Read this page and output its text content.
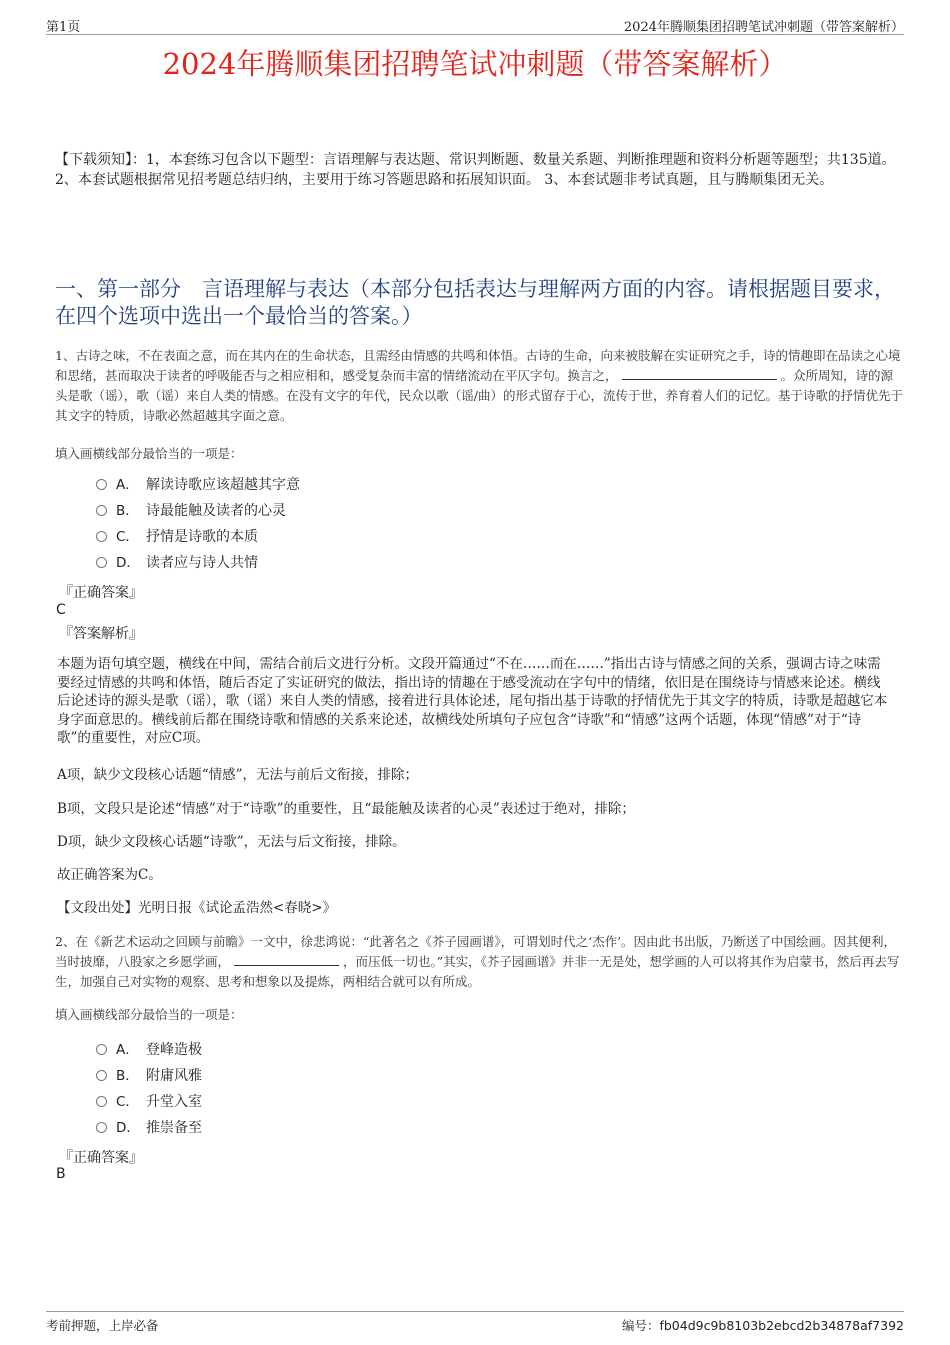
第1页	2024年腾顺集团招聘笔试冲刺题（带答案解析）
2024年腾顺集团招聘笔试冲刺题（带答案解析）
【下载须知】：1，本套练习包含以下题型：言语理解与表达题、常识判断题、数量关系题、判断推理题和资料分析题等题型；共135道。 2、本套试题根据常见招考题总结归纳，主要用于练习答题思路和拓展知识面。 3、本套试题非考试真题，且与腾顺集团无关。
一、第一部分　言语理解与表达（本部分包括表达与理解两方面的内容。请根据题目要求，在四个选项中选出一个最恰当的答案。）
1、古诗之味，不在表面之意，而在其内在的生命状态，且需经由情感的共鸣和体悟。古诗的生命，向来被肢解在实证研究之手，诗的情趣即在品读之心境和思绪，甚而取决于读者的呼吸能否与之相应相和，感受复杂而丰富的情绪流动在平仄字句。换言之，	。众所周知，诗的源头是歌（谣），歌（谣）来自人类的情感。在没有文字的年代，民众以歌（谣/曲）的形式留存于心，流传于世，养育着人们的记忆。基于诗歌的抒情优先于其文字的特质，诗歌必然超越其字面之意。
填入画横线部分最恰当的一项是：
A． 解读诗歌应该超越其字意
B． 诗最能触及读者的心灵
C． 抒情是诗歌的本质
D． 读者应与诗人共情
『正确答案』
C
『答案解析』
本题为语句填空题，横线在中间，需结合前后文进行分析。文段开篇通过“不在……而在……”指出古诗与情感之间的关系，强调古诗之味需要经过情感的共鸣和体悟，随后否定了实证研究的做法，指出诗的情趣在于感受流动在字句中的情绪，依旧是在围绕诗与情感来论述。横线后论述诗的源头是歌（谣），歌（谣）来自人类的情感，接着进行具体论述，尾句指出基于诗歌的抒情优先于其文字的特质，诗歌是超越它本身字面意思的。横线前后都在围绕诗歌和情感的关系来论述，故横线处所填句子应包含“诗歌”和“情感”这两个话题，体现“情感”对于“诗歌”的重要性，对应C项。
A项，缺少文段核心话题“情感”，无法与前后文衔接，排除；
B项，文段只是论述“情感”对于“诗歌”的重要性，且“最能触及读者的心灵”表述过于绝对，排除；
D项，缺少文段核心话题“诗歌”，无法与后文衔接，排除。
故正确答案为C。
【文段出处】光明日报《试论孟浩然<春晓>》
2、在《新艺术运动之回顾与前瞻》一文中，徐悲鸿说：“此著名之《芥子园画谱》，可谓划时代之‘杰作’。因由此书出版，乃断送了中国绘画。因其便利，当时披靡，八股家之乡愿学画，	，而压低一切也。”其实，《芥子园画谱》并非一无是处，想学画的人可以将其作为启蒙书，然后再去写生，加强自己对实物的观察、思考和想象以及提炼，两相结合就可以有所成。
填入画横线部分最恰当的一项是：
A． 登峰造极
B． 附庸风雅
C． 升堂入室
D． 推崇备至
『正确答案』
B
考前押题，上岸必备	编号：fb04d9c9b8103b2ebcd2b34878af7392
